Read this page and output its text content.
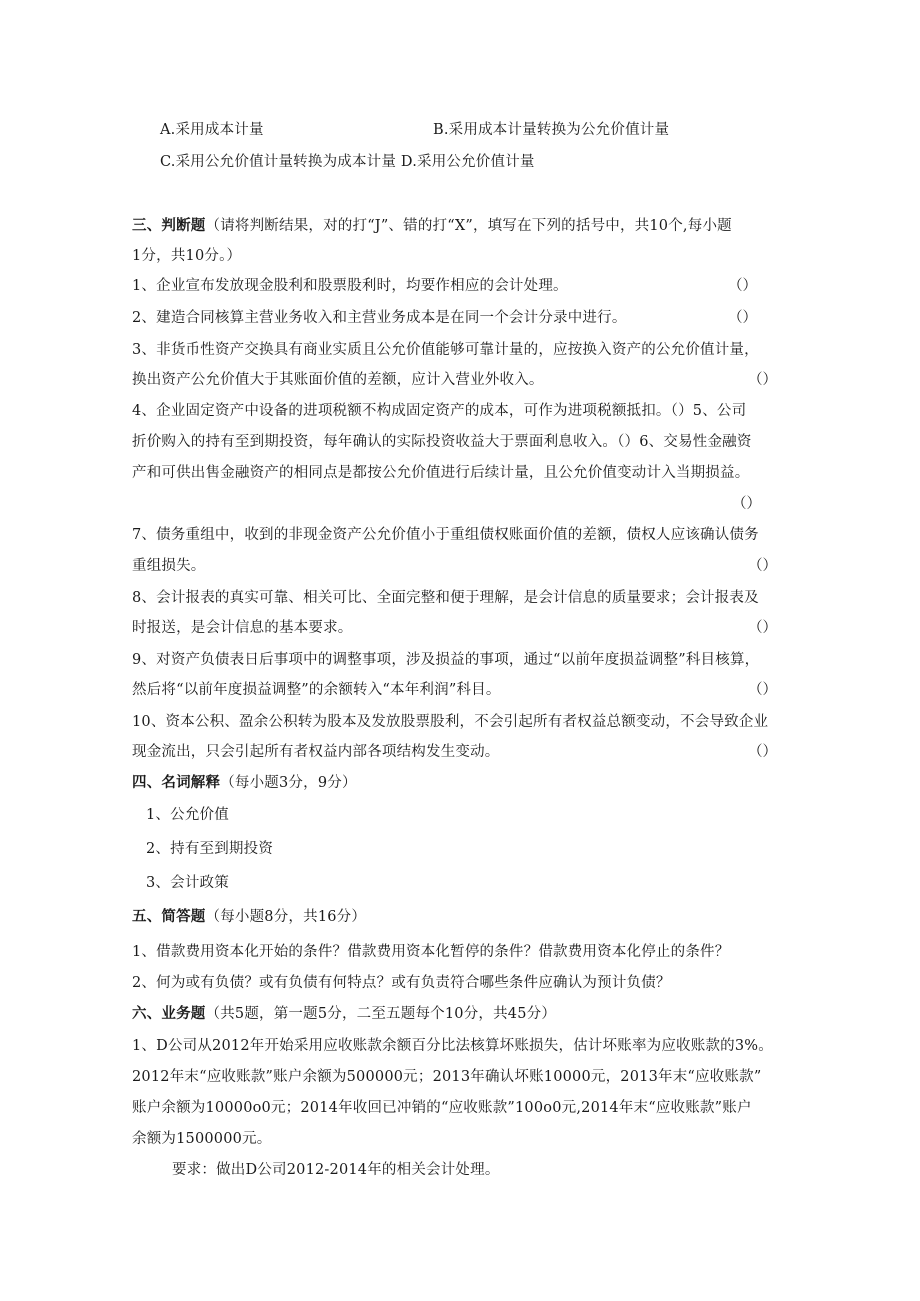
A.采用成本计量	B.采用成本计量转换为公允价值计量
C.采用公允价值计量转换为成本计量 D.采用公允价值计量
三、判断题（请将判断结果，对的打“J”、错的打“X”，填写在下列的括号中，共10个,每小题
1分，共10分。）
1、企业宣布发放现金股利和股票股利时，均要作相应的会计处理。	（）
2、建造合同核算主营业务收入和主营业务成本是在同一个会计分录中进行。	（）
3、非货币性资产交换具有商业实质且公允价值能够可靠计量的，应按换入资产的公允价值计量，
换出资产公允价值大于其账面价值的差额，应计入营业外收入。	（）
4、企业固定资产中设备的进项税额不构成固定资产的成本，可作为进项税额抵扣。（）5、公司
折价购入的持有至到期投资，每年确认的实际投资收益大于票面利息收入。（）6、交易性金融资
产和可供出售金融资产的相同点是都按公允价值进行后续计量，且公允价值变动计入当期损益。
（）
7、债务重组中，收到的非现金资产公允价值小于重组债权账面价值的差额，债权人应该确认债务
重组损失。	（）
8、会计报表的真实可靠、相关可比、全面完整和便于理解，是会计信息的质量要求；会计报表及
时报送，是会计信息的基本要求。	（）
9、对资产负债表日后事项中的调整事项，涉及损益的事项，通过“以前年度损益调整”科目核算，
然后将“以前年度损益调整”的余额转入“本年利润”科目。	（）
10、资本公积、盈余公积转为股本及发放股票股利，不会引起所有者权益总额变动，不会导致企业
现金流出，只会引起所有者权益内部各项结构发生变动。	（）
四、名词解释（每小题3分，9分）
1、公允价值
2、持有至到期投资
3、会计政策
五、简答题（每小题8分，共16分）
1、借款费用资本化开始的条件？借款费用资本化暂停的条件？借款费用资本化停止的条件？
2、何为或有负债？或有负债有何特点？或有负责符合哪些条件应确认为预计负债？
六、业务题（共5题，第一题5分，二至五题每个10分，共45分）
1、D公司从2012年开始采用应收账款余额百分比法核算坏账损失，估计坏账率为应收账款的3%。
2012年末“应收账款”账户余额为500000元；2013年确认坏账10000元，2013年末“应收账款”
账户余额为10000o0元；2014年收回已冲销的“应收账款”100o0元,2014年末“应收账款”账户
余额为1500000元。
要求：做出D公司2012-2014年的相关会计处理。
